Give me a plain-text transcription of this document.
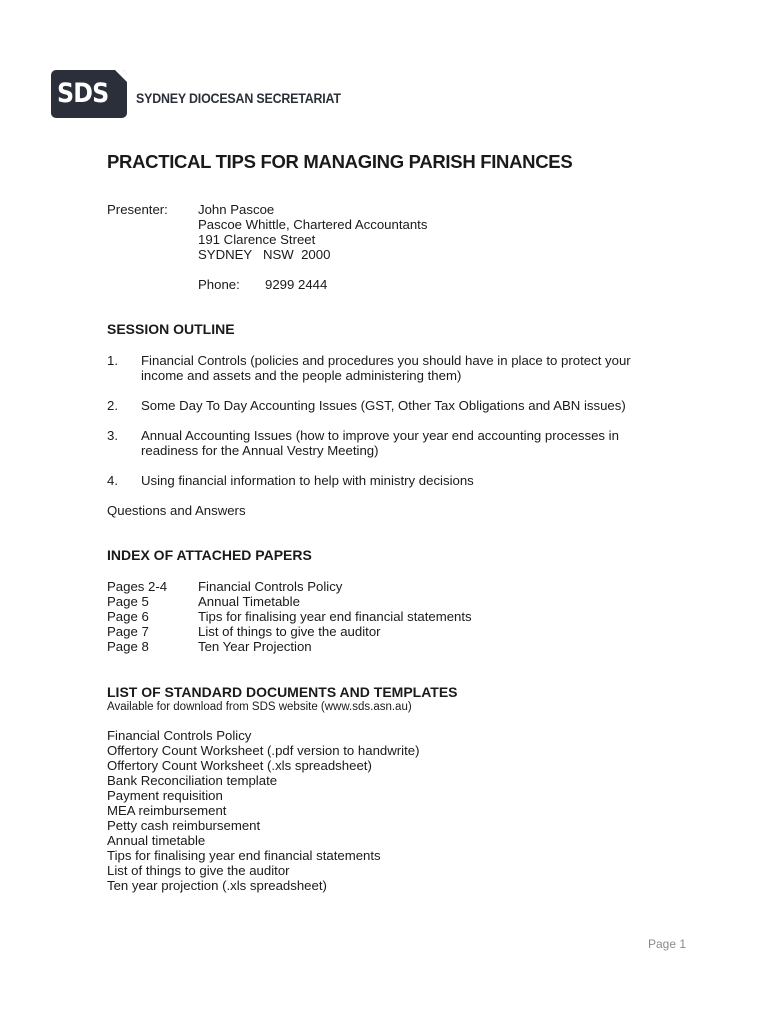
SDS SYDNEY DIOCESAN SECRETARIAT
PRACTICAL TIPS FOR MANAGING PARISH FINANCES
Presenter: John Pascoe
Pascoe Whittle, Chartered Accountants
191 Clarence Street
SYDNEY   NSW  2000
Phone: 9299 2444
SESSION OUTLINE
1. Financial Controls (policies and procedures you should have in place to protect your
income and assets and the people administering them)
2. Some Day To Day Accounting Issues (GST, Other Tax Obligations and ABN issues)
3. Annual Accounting Issues (how to improve your year end accounting processes in
readiness for the Annual Vestry Meeting)
4. Using financial information to help with ministry decisions
Questions and Answers
INDEX OF ATTACHED PAPERS
Pages 2-4 Financial Controls Policy
Page 5	Annual Timetable
Page 6	Tips for finalising year end financial statements
Page 7	List of things to give the auditor
Page 8	Ten Year Projection
LIST OF STANDARD DOCUMENTS AND TEMPLATES
Available for download from SDS website (www.sds.asn.au)
Financial Controls Policy
Offertory Count Worksheet (.pdf version to handwrite)
Offertory Count Worksheet (.xls spreadsheet)
Bank Reconciliation template
Payment requisition
MEA reimbursement
Petty cash reimbursement
Annual timetable
Tips for finalising year end financial statements
List of things to give the auditor
Ten year projection (.xls spreadsheet)
Page 1
